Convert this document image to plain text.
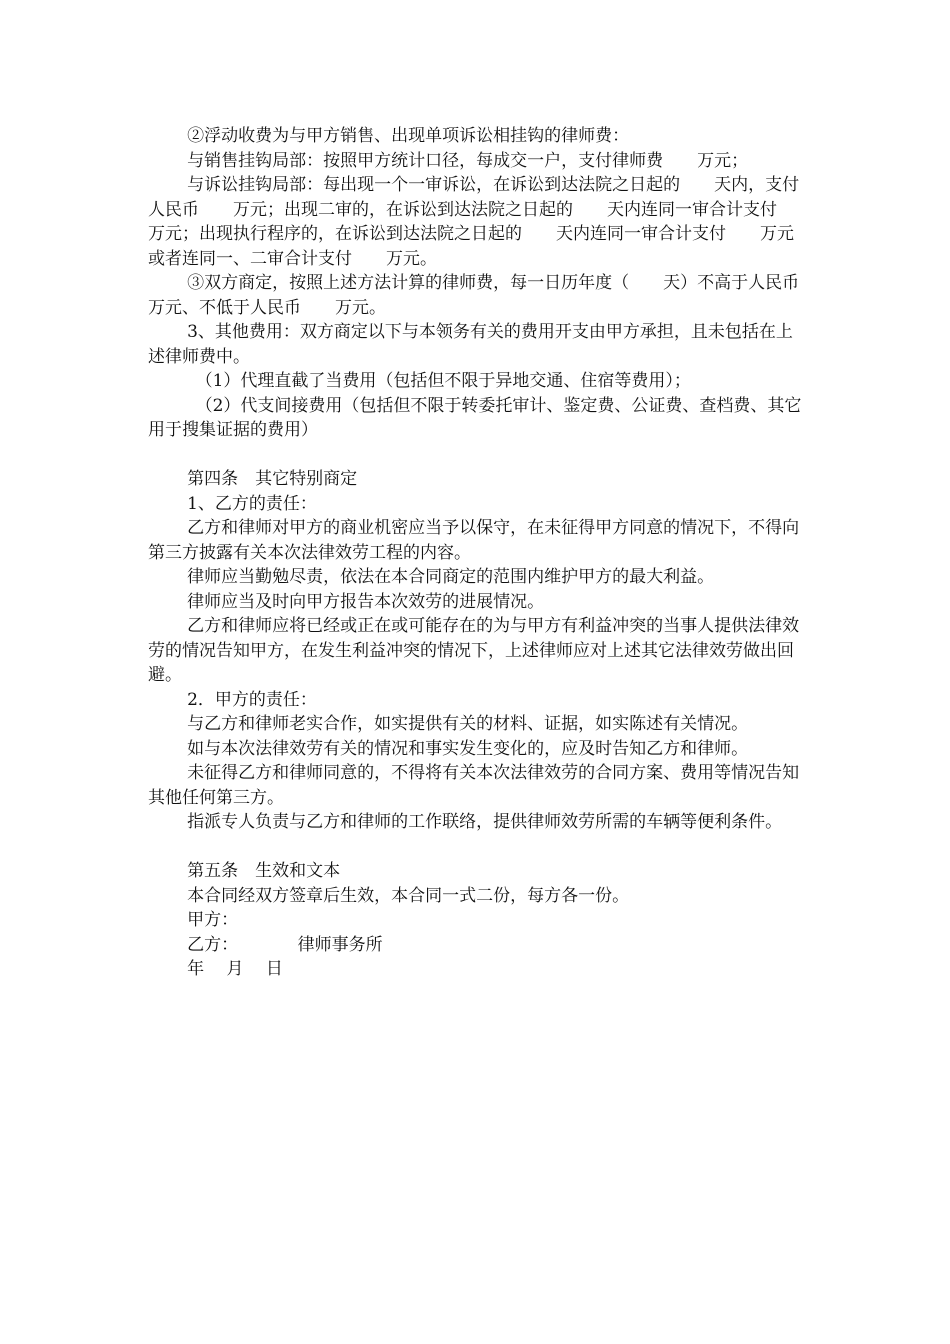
②浮动收费为与甲方销售、出现单项诉讼相挂钩的律师费：

与销售挂钩局部：按照甲方统计口径，每成交一户，支付律师费　　万元；

与诉讼挂钩局部：每出现一个一审诉讼，在诉讼到达法院之日起的　　天内，支付人民币　　万元；出现二审的，在诉讼到达法院之日起的　　天内连同一审合计支付　　万元；出现执行程序的，在诉讼到达法院之日起的　　天内连同一审合计支付　　万元或者连同一、二审合计支付　　万元。

③双方商定，按照上述方法计算的律师费，每一日历年度（　　天）不高于人民币　　万元、不低于人民币　　万元。

3、其他费用：双方商定以下与本领务有关的费用开支由甲方承担，且未包括在上述律师费中。

（1）代理直截了当费用（包括但不限于异地交通、住宿等费用）；

（2）代支间接费用（包括但不限于转委托审计、鉴定费、公证费、查档费、其它用于搜集证据的费用）

第四条　其它特别商定

1、乙方的责任：

乙方和律师对甲方的商业机密应当予以保守，在未征得甲方同意的情况下，不得向第三方披露有关本次法律效劳工程的内容。

律师应当勤勉尽责，依法在本合同商定的范围内维护甲方的最大利益。

律师应当及时向甲方报告本次效劳的进展情况。

乙方和律师应将已经或正在或可能存在的为与甲方有利益冲突的当事人提供法律效劳的情况告知甲方，在发生利益冲突的情况下，上述律师应对上述其它法律效劳做出回避。

2．甲方的责任：

与乙方和律师老实合作，如实提供有关的材料、证据，如实陈述有关情况。

如与本次法律效劳有关的情况和事实发生变化的，应及时告知乙方和律师。

未征得乙方和律师同意的，不得将有关本次法律效劳的合同方案、费用等情况告知其他任何第三方。

指派专人负责与乙方和律师的工作联络，提供律师效劳所需的车辆等便利条件。

第五条　生效和文本

本合同经双方签章后生效，本合同一式二份，每方各一份。

甲方：

乙方：　　　　律师事务所

年　 月　 日
